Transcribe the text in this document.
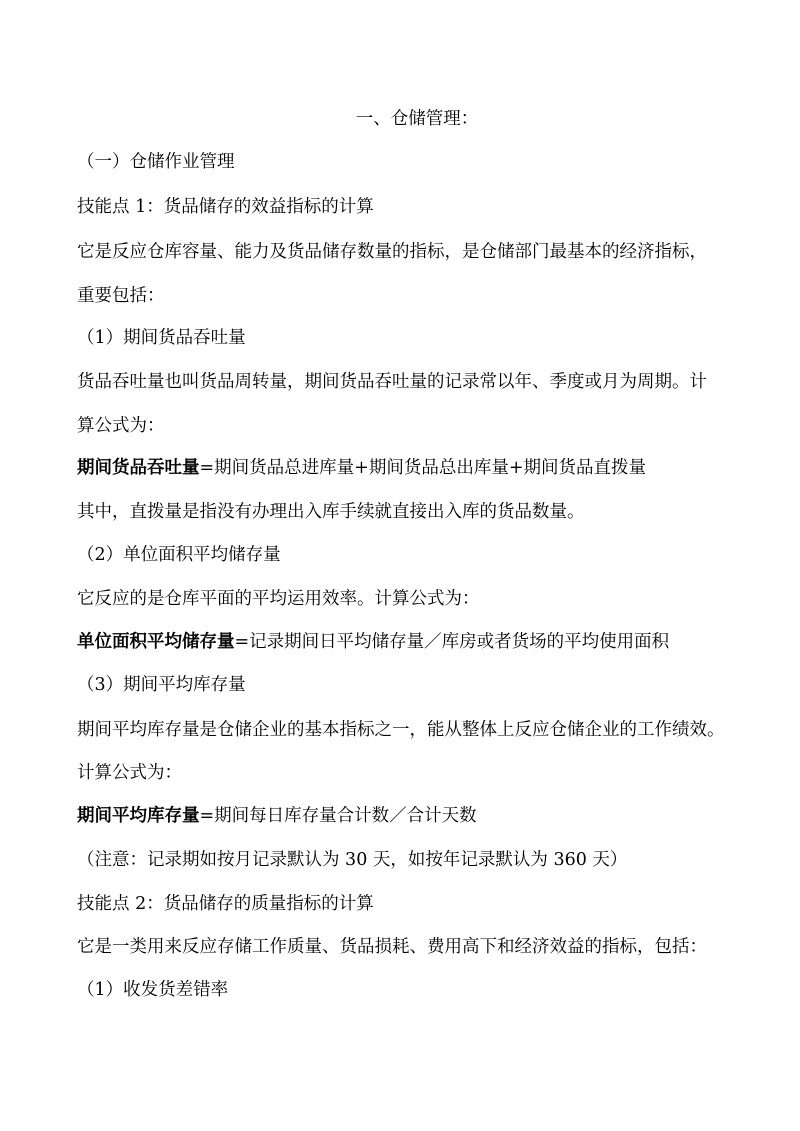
一、仓储管理：
（一）仓储作业管理
技能点 1：货品储存的效益指标的计算
它是反应仓库容量、能力及货品储存数量的指标，是仓储部门最基本的经济指标，
重要包括：
（1）期间货品吞吐量
货品吞吐量也叫货品周转量，期间货品吞吐量的记录常以年、季度或月为周期。计
算公式为：
期间货品吞吐量=期间货品总进库量+期间货品总出库量+期间货品直拨量
其中，直拨量是指没有办理出入库手续就直接出入库的货品数量。
（2）单位面积平均储存量
它反应的是仓库平面的平均运用效率。计算公式为：
单位面积平均储存量=记录期间日平均储存量／库房或者货场的平均使用面积
（3）期间平均库存量
期间平均库存量是仓储企业的基本指标之一，能从整体上反应仓储企业的工作绩效。
计算公式为：
期间平均库存量=期间每日库存量合计数／合计天数
（注意：记录期如按月记录默认为 30 天，如按年记录默认为 360 天）
技能点 2：货品储存的质量指标的计算
它是一类用来反应存储工作质量、货品损耗、费用高下和经济效益的指标，包括：
（1）收发货差错率
